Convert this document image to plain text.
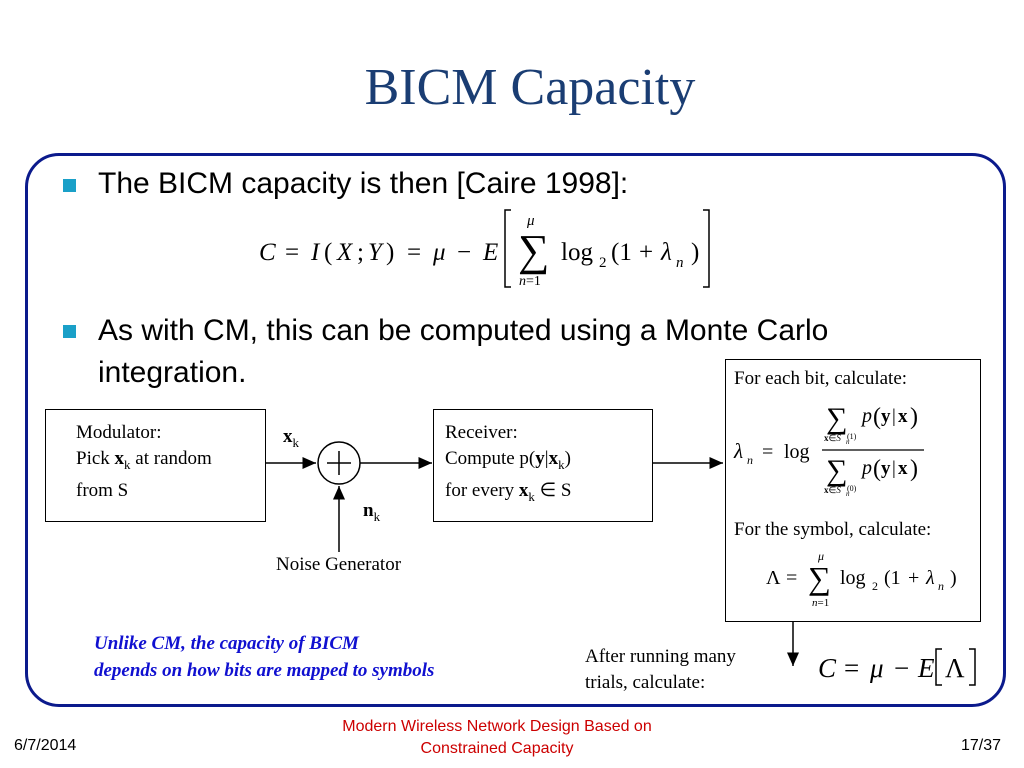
BICM Capacity
The BICM capacity is then [Caire 1998]:
C = I ( X ; Y ) = μ − E ∑
μ
n=1
log 2 (1 + λ n )
As with CM, this can be computed using a Monte Carlo
integration.
Modulator:
Pick $x_k$ at random
from S
$x_k$
$n_k$
Noise Generator
Receiver:
Compute $p(y|x_k)$
for every $x_k$ ∈ S
For each bit, calculate:
λ n = log
∑
x∈S (1)
n
p ( y | x )
∑
x∈S (0)
n
p ( y | x )
For the symbol, calculate:
Λ = ∑
μ
n=1
log 2 (1 + λ n )
After running many
trials, calculate:	C = μ − E Λ
Unlike CM, the capacity of BICM
depends on how bits are mapped to symbols
6/7/2014
Modern Wireless Network Design Based on
Constrained Capacity	17/37
